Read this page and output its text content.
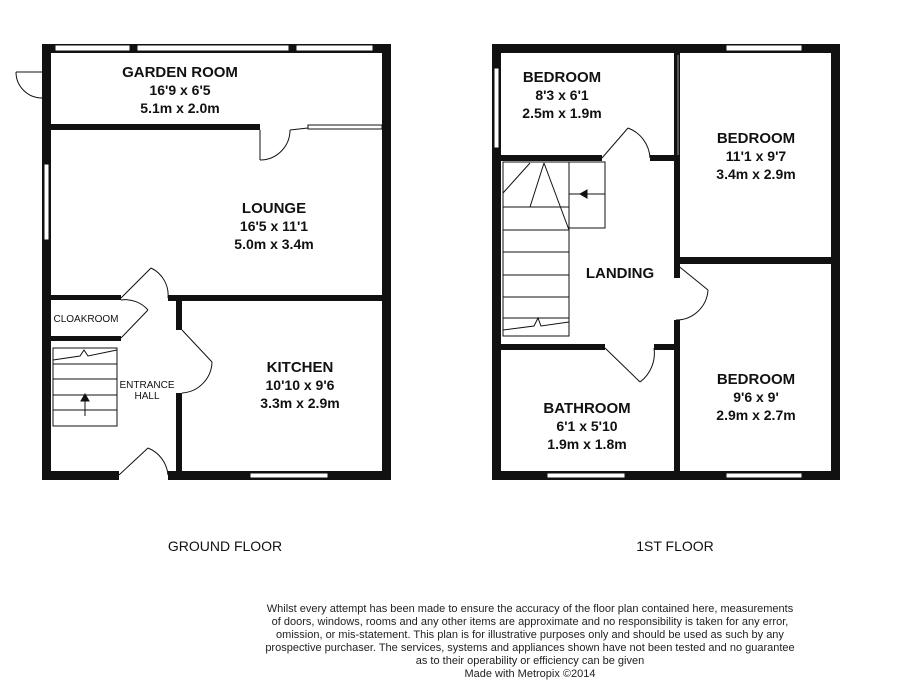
GARDEN ROOM
16'9 x 6'5
5.1m x 2.0m
LOUNGE
16'5 x 11'1
5.0m x 3.4m
CLOAKROOM
ENTRANCE
HALL
KITCHEN
10'10 x 9'6
3.3m x 2.9m
BEDROOM
8'3 x 6'1
2.5m x 1.9m
BEDROOM
11'1 x 9'7
3.4m x 2.9m
LANDING
BATHROOM
6'1 x 5'10
1.9m x 1.8m
BEDROOM
9'6 x 9'
2.9m x 2.7m
GROUND FLOOR	1ST FLOOR
Whilst every attempt has been made to ensure the accuracy of the floor plan contained here, measurements
of doors, windows, rooms and any other items are approximate and no responsibility is taken for any error,
omission, or mis-statement. This plan is for illustrative purposes only and should be used as such by any
prospective purchaser. The services, systems and appliances shown have not been tested and no guarantee
as to their operability or efficiency can be given
Made with Metropix ©2014
